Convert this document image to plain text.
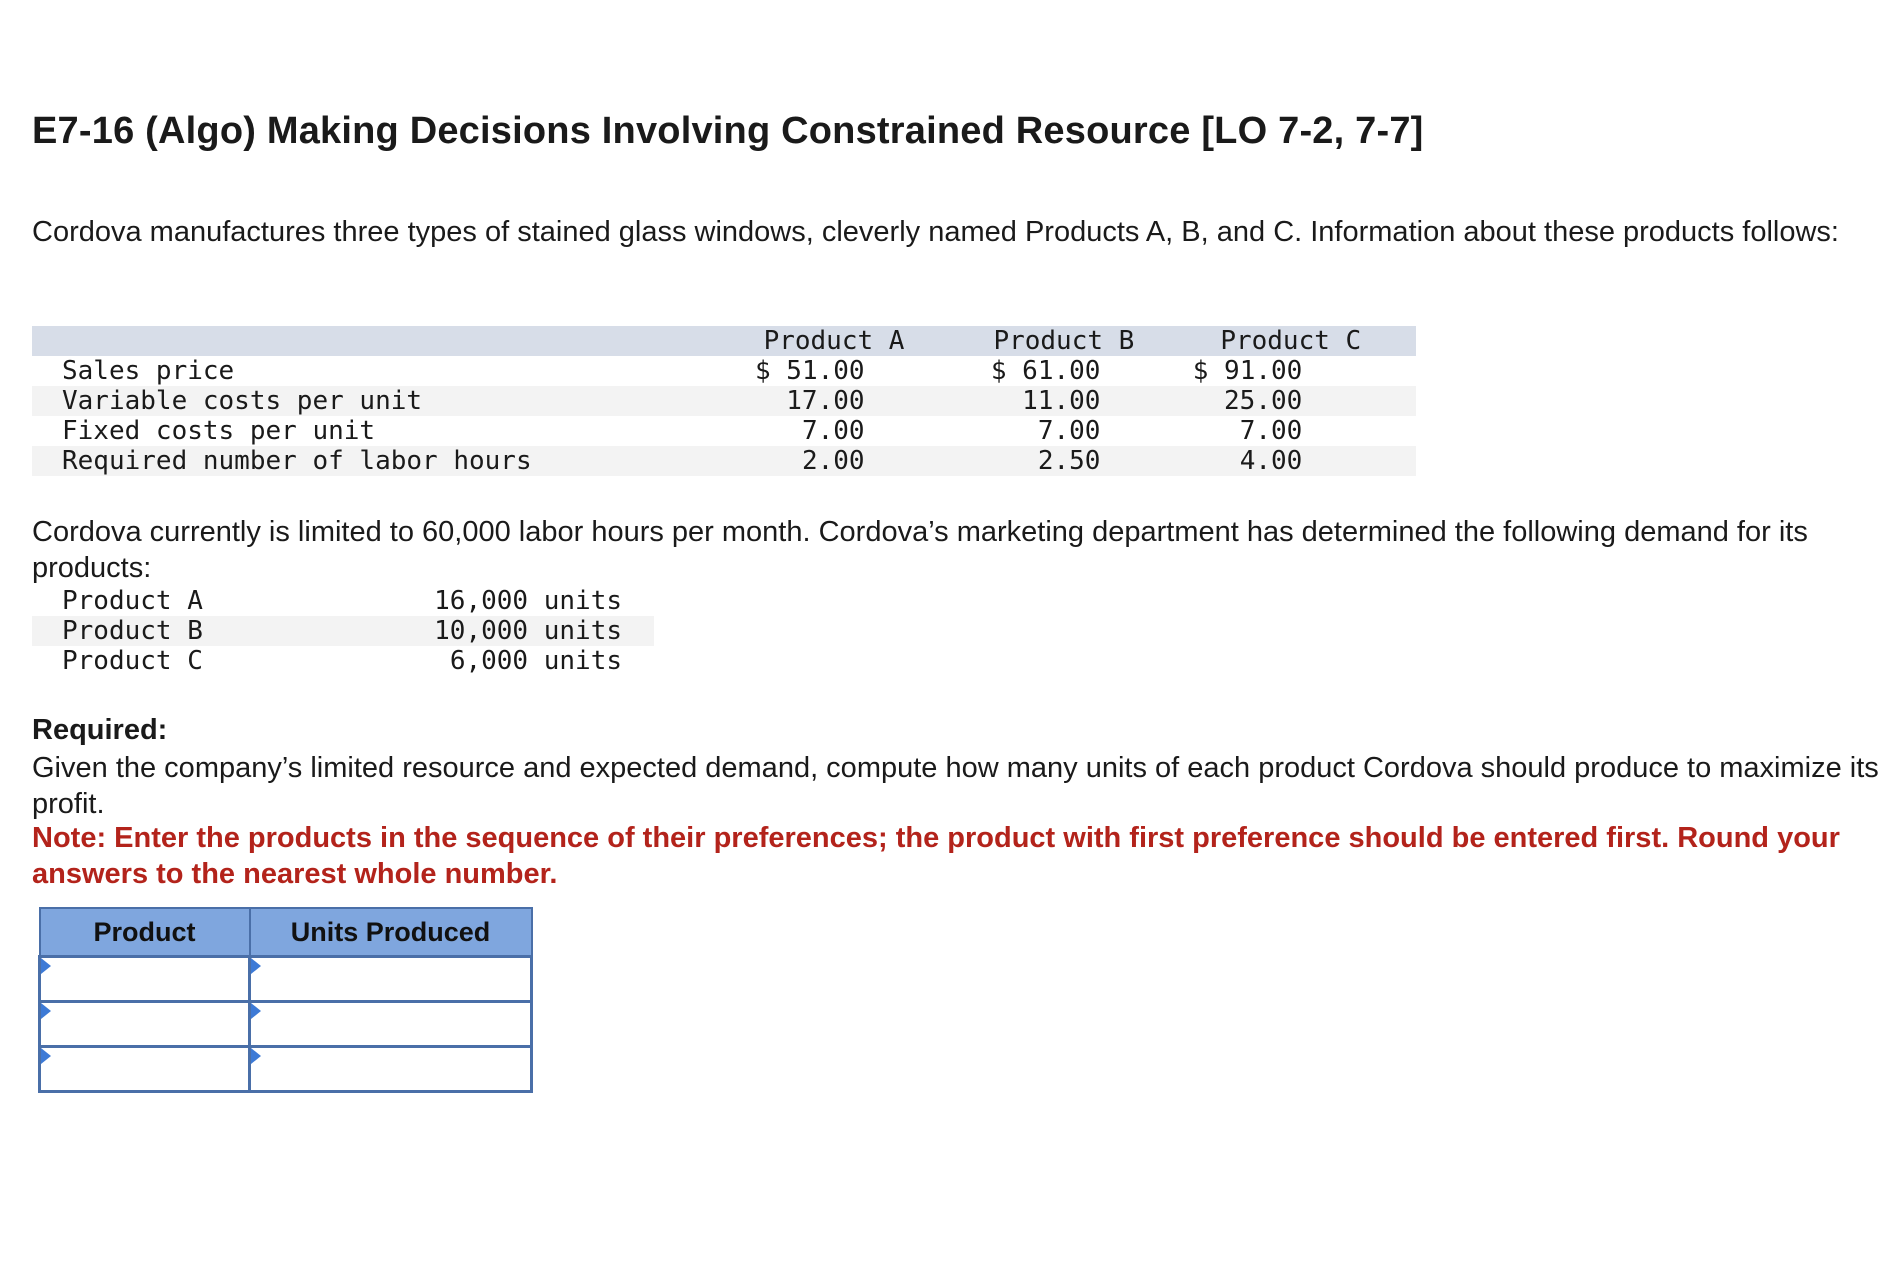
E7-16 (Algo) Making Decisions Involving Constrained Resource [LO 7-2, 7-7]

Cordova manufactures three types of stained glass windows, cleverly named Products A, B, and C. Information about these products follows:

	Product A	Product B	Product C

Sales price	$ 51.00	$ 61.00	$ 91.00
Variable costs per unit	17.00	11.00	25.00
Fixed costs per unit	7.00	7.00	7.00
Required number of labor hours	2.00	2.50	4.00

Cordova currently is limited to 60,000 labor hours per month. Cordova’s marketing department has determined the following demand for its products:

Product A	16,000 units
Product B	10,000 units
Product C	6,000 units

Required:

Given the company’s limited resource and expected demand, compute how many units of each product Cordova should produce to maximize its profit.

Note: Enter the products in the sequence of their preferences; the product with first preference should be entered first. Round your answers to the nearest whole number.

Product	Units Produced
